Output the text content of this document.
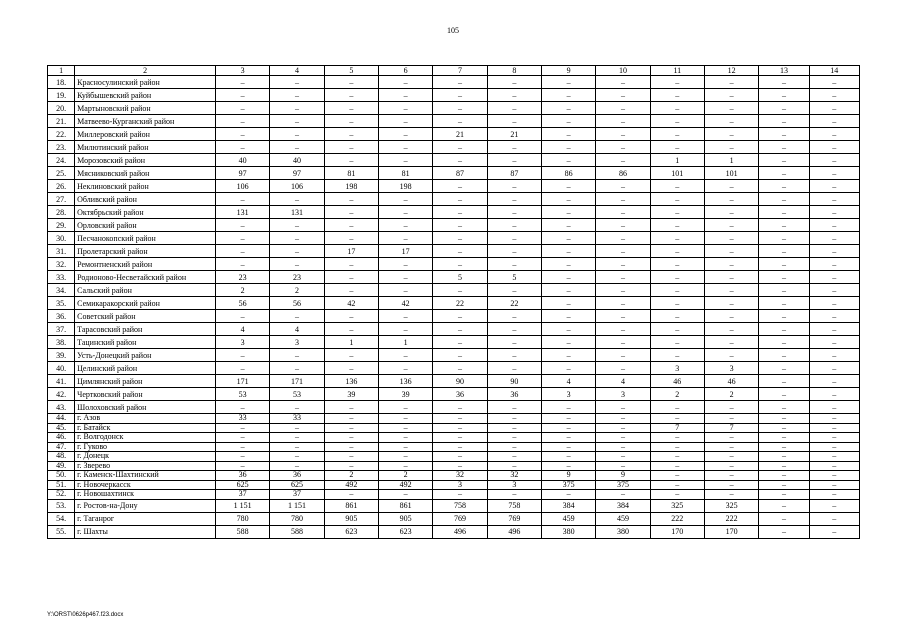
105
1	2	3	4	5	6	7	8	9	10	11	12	13	14
18.	Красносулинский район	–	–	–	–	–	–	–	–	–	–	–	–
19.	Куйбышевский район	–	–	–	–	–	–	–	–	–	–	–	–
20.	Мартыновский район	–	–	–	–	–	–	–	–	–	–	–	–
21.	Матвеево-Курганский район	–	–	–	–	–	–	–	–	–	–	–	–
22.	Миллеровский район	–	–	–	–	21	21	–	–	–	–	–	–
23.	Милютинский район	–	–	–	–	–	–	–	–	–	–	–	–
24.	Морозовский район	40	40	–	–	–	–	–	–	1	1	–	–
25.	Мясниковский район	97	97	81	81	87	87	86	86	101	101	–	–
26.	Неклиновский район	106	106	198	198	–	–	–	–	–	–	–	–
27.	Обливский район	–	–	–	–	–	–	–	–	–	–	–	–
28.	Октябрьский район	131	131	–	–	–	–	–	–	–	–	–	–
29.	Орловский район	–	–	–	–	–	–	–	–	–	–	–	–
30.	Песчанокопский район	–	–	–	–	–	–	–	–	–	–	–	–
31.	Пролетарский район	–	–	17	17	–	–	–	–	–	–	–	–
32.	Ремонтненский район	–	–	–	–	–	–	–	–	–	–	–	–
33.	Родионово-Несветайский район	23	23	–	–	5	5	–	–	–	–	–	–
34.	Сальский район	2	2	–	–	–	–	–	–	–	–	–	–
35.	Семикаракорский район	56	56	42	42	22	22	–	–	–	–	–	–
36.	Советский район	–	–	–	–	–	–	–	–	–	–	–	–
37.	Тарасовский район	4	4	–	–	–	–	–	–	–	–	–	–
38.	Тацинский район	3	3	1	1	–	–	–	–	–	–	–	–
39.	Усть-Донецкий район	–	–	–	–	–	–	–	–	–	–	–	–
40.	Целинский район	–	–	–	–	–	–	–	–	3	3	–	–
41.	Цимлянский район	171	171	136	136	90	90	4	4	46	46	–	–
42.	Чертковский район	53	53	39	39	36	36	3	3	2	2	–	–
43.	Шолоховский район	–	–	–	–	–	–	–	–	–	–	–	–
44.	г. Азов	33	33	–	–	–	–	–	–	–	–	–	–
45.	г. Батайск	–	–	–	–	–	–	–	–	7	7	–	–
46.	г. Волгодонск	–	–	–	–	–	–	–	–	–	–	–	–
47.	г. Гуково	–	–	–	–	–	–	–	–	–	–	–	–
48.	г. Донецк	–	–	–	–	–	–	–	–	–	–	–	–
49.	г. Зверево	–	–	–	–	–	–	–	–	–	–	–	–
50.	г. Каменск-Шахтинский	36	36	2	2	32	32	9	9	–	–	–	–
51.	г. Новочеркасск	625	625	492	492	3	3	375	375	–	–	–	–
52.	г. Новошахтинск	37	37	–	–	–	–	–	–	–	–	–	–
53.	г. Ростов-на-Дону	1 151	1 151	861	861	758	758	384	384	325	325	–	–
54.	г. Таганрог	780	780	905	905	769	769	459	459	222	222	–	–
55.	г. Шахты	588	588	623	623	496	496	380	380	170	170	–	–
Y:\ORST\0626p467.f23.docx
